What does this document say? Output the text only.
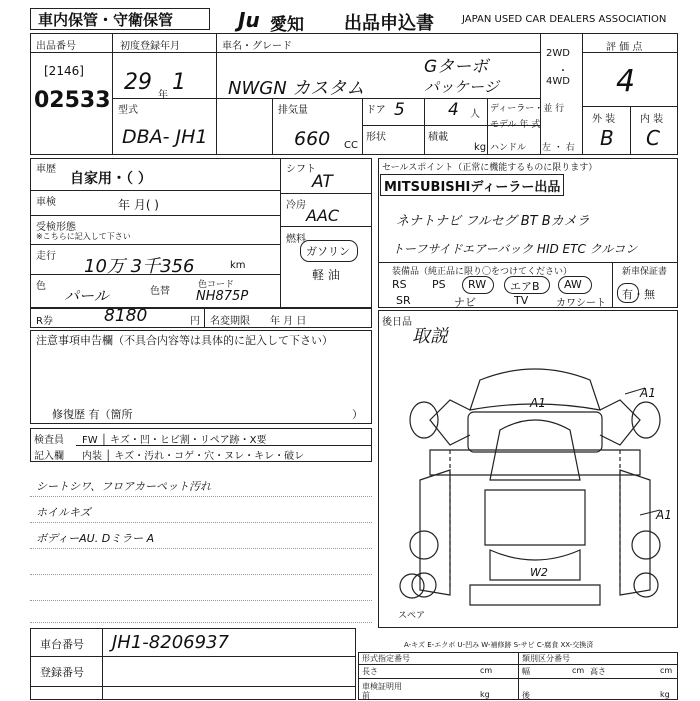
車内保管・守衛保管	Ju 愛知 出品申込書	JAPAN USED CAR DEALERS ASSOCIATION
出品番号
[2146]
02533
初度登録年月
29 1
年
車名・グレード
NWGN カスタム
Gターボ
パッケージ
2WD
・
4WD
評 価 点
4
外 装 内 装
B C
型式
DBA- JH1
排気量
660 CC
ドア 5	4 人
形状	積載
kg
ディーラー・並 行
モデル 年 式
ハンドル 左 ・ 右
車歴
自家用・（ ）
車検	年 月( )
受検形態
※こちらに記入して下さい
走行 10万 3千356	km
色
パール	色替
色コード
NH875P
シフト
AT
冷房
AAC
燃料
ガソリン
軽 油
セールスポイント（正常に機能するものに限ります）
MITSUBISHIディーラー出品
ネナトナビ フルセグ BT Bカメラ
トーフサイドエアーバック HID ETC クルコン
装備品（純正品に限り〇をつけてください）	新車保証書
有・無
RS PS RW エアB AW
SR	ナビ	TV	カワシート
R券	8180	円 名変期限 年 月 日
注意事項申告欄（不具合内容等は具体的に記入して下さい）
修復歴 有（箇所	）
検査員
記入欄
FW │ キズ・凹・ヒビ割・リペア跡・X要
内装 │ キズ・汚れ・コゲ・穴・ヌレ・キレ・破レ
シートシワ、フロアカーペット汚れ
ホイルキズ
ボディーAU. Dミラー A
後日品
取説
A1
A1
A1
W2
スペア
A-キズ E-エクボ U-凹み W-補修跡 S-サビ C-腐食 XX-交換済
車台番号 JH1-8206937
登録番号
形式指定番号	類別区分番号
長さ	cm	幅	cm 高さ	cm
車検証明用
前	kg	後	kg
